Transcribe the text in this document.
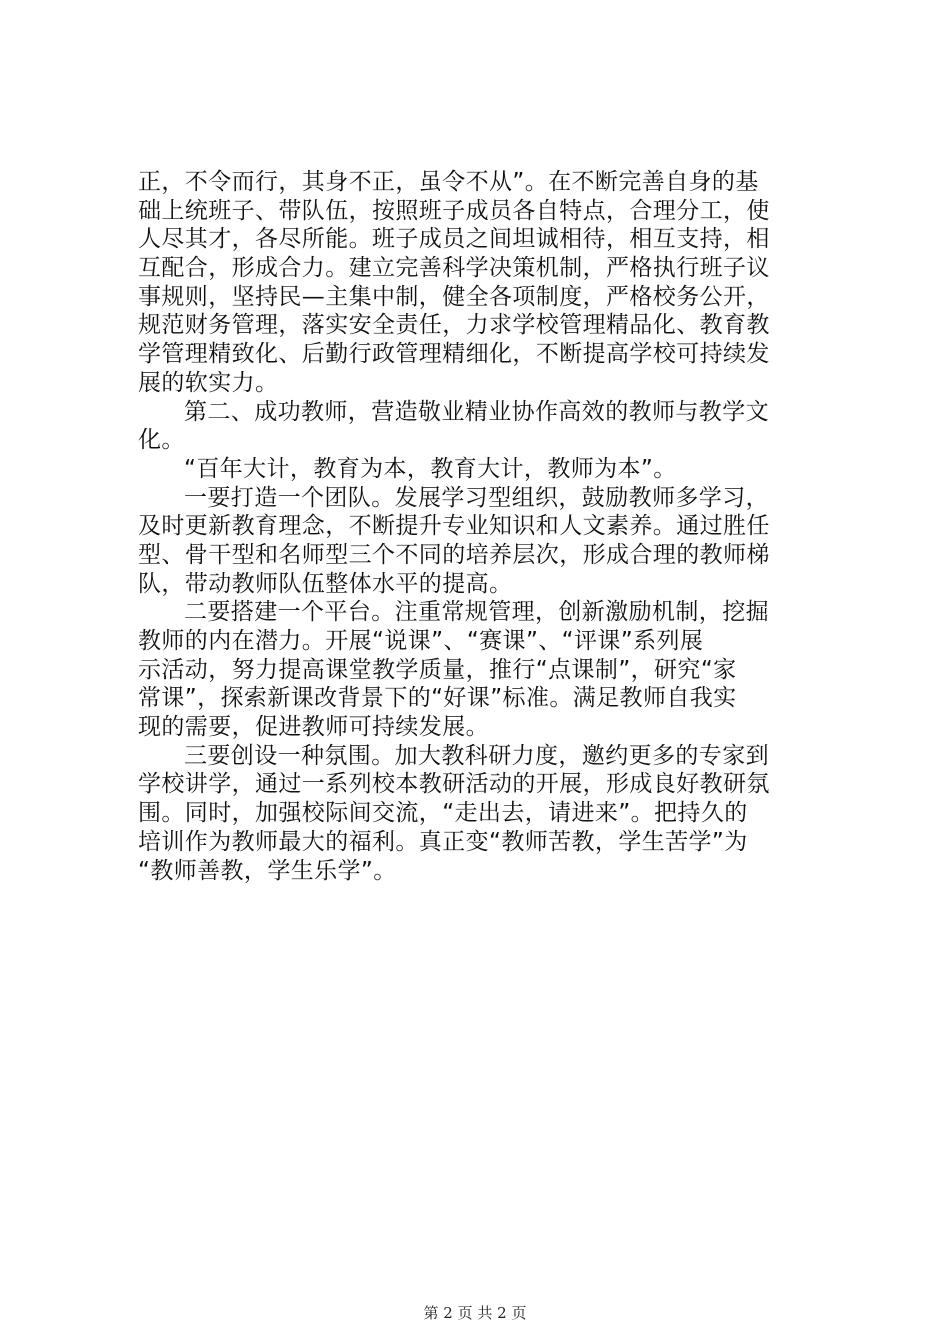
正，不令而行，其身不正，虽令不从”。在不断完善自身的基
础上统班子、带队伍，按照班子成员各自特点，合理分工，使
人尽其才，各尽所能。班子成员之间坦诚相待，相互支持，相
互配合，形成合力。建立完善科学决策机制，严格执行班子议
事规则，坚持民—主集中制，健全各项制度，严格校务公开，
规范财务管理，落实安全责任，力求学校管理精品化、教育教
学管理精致化、后勤行政管理精细化，不断提高学校可持续发
展的软实力。
第二、成功教师，营造敬业精业协作高效的教师与教学文
化。
“百年大计，教育为本，教育大计，教师为本”。
一要打造一个团队。发展学习型组织，鼓励教师多学习，
及时更新教育理念，不断提升专业知识和人文素养。通过胜任
型、骨干型和名师型三个不同的培养层次，形成合理的教师梯
队，带动教师队伍整体水平的提高。
二要搭建一个平台。注重常规管理，创新激励机制，挖掘
教师的内在潜力。开展“说课”、“赛课”、“评课”系列展
示活动，努力提高课堂教学质量，推行“点课制”，研究“家
常课”，探索新课改背景下的“好课”标准。满足教师自我实
现的需要，促进教师可持续发展。
三要创设一种氛围。加大教科研力度，邀约更多的专家到
学校讲学，通过一系列校本教研活动的开展，形成良好教研氛
围。同时，加强校际间交流，“走出去，请进来”。把持久的
培训作为教师最大的福利。真正变“教师苦教，学生苦学”为
“教师善教，学生乐学”。
第 2 页 共 2 页
